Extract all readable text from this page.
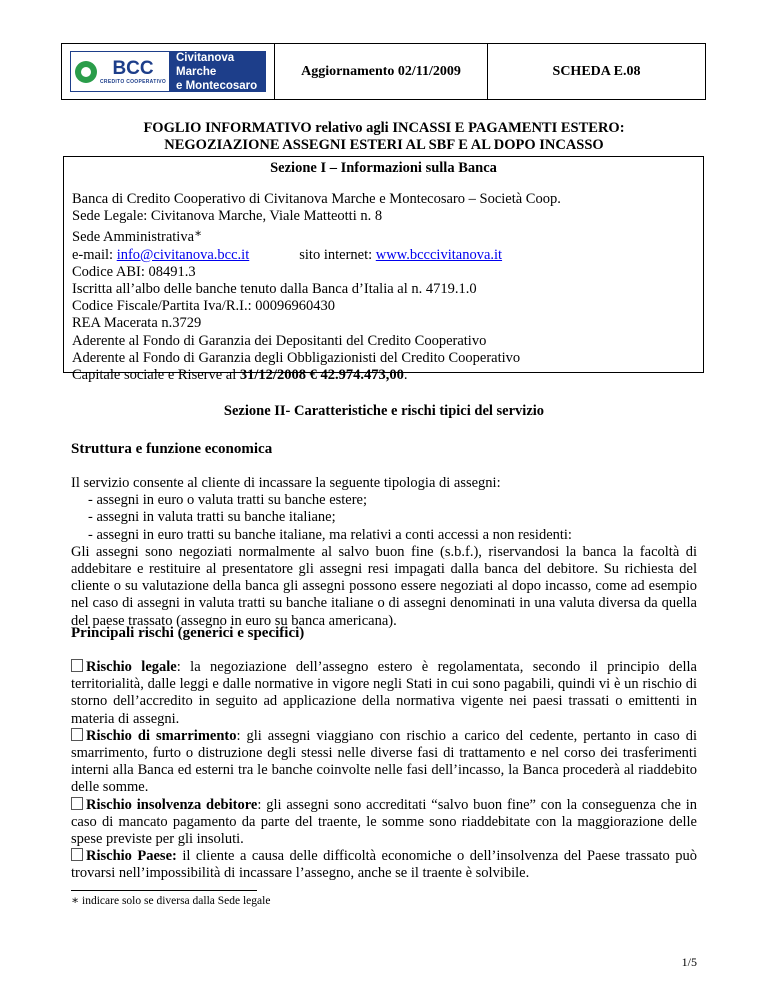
BCC
CREDITO COOPERATIVO
Civitanova Marche
e Montecosaro
	Aggiornamento 02/11/2009	SCHEDA E.08
FOGLIO INFORMATIVO relativo agli INCASSI E PAGAMENTI ESTERO:
NEGOZIAZIONE ASSEGNI ESTERI AL SBF E AL DOPO INCASSO
Sezione I – Informazioni sulla Banca
Banca di Credito Cooperativo di Civitanova Marche e Montecosaro – Società Coop.
Sede Legale: Civitanova Marche, Viale Matteotti n. 8
Sede Amministrativa∗
e-mail: info@civitanova.bcc.it	sito internet: www.bcccivitanova.it
Codice ABI: 08491.3
Iscritta all’albo delle banche tenuto dalla Banca d’Italia al n. 4719.1.0
Codice Fiscale/Partita Iva/R.I.: 00096960430
REA Macerata n.3729
Aderente al Fondo di Garanzia dei Depositanti del Credito Cooperativo
Aderente al Fondo di Garanzia degli Obbligazionisti del Credito Cooperativo
Capitale sociale e Riserve al 31/12/2008 € 42.974.473,00.
Sezione II- Caratteristiche e rischi tipici del servizio
Struttura e funzione economica
Il servizio consente al cliente di incassare la seguente tipologia di assegni:
- assegni in euro o valuta tratti su banche estere;
- assegni in valuta tratti su banche italiane;
- assegni in euro tratti su banche italiane, ma relativi a conti accessi a non residenti:
Gli assegni sono negoziati normalmente al salvo buon fine (s.b.f.), riservandosi la banca la facoltà di addebitare e restituire al presentatore gli assegni resi impagati dalla banca del debitore. Su richiesta del cliente o su valutazione della banca gli assegni possono essere negoziati al dopo incasso, come ad esempio nel caso di assegni in valuta tratti su banche italiane o di assegni denominati in una valuta diversa da quella del paese trassato (assegno in euro su banca americana).
Principali rischi (generici e specifici)
Rischio legale: la negoziazione dell’assegno estero è regolamentata, secondo il principio della territorialità, dalle leggi e dalle normative in vigore negli Stati in cui sono pagabili, quindi vi è un rischio di storno dell’accredito in seguito ad applicazione della normativa vigente nei paesi trassati o emittenti in materia di assegni.
Rischio di smarrimento: gli assegni viaggiano con rischio a carico del cedente, pertanto in caso di smarrimento, furto o distruzione degli stessi nelle diverse fasi di trattamento e nel corso dei trasferimenti interni alla Banca ed esterni tra le banche coinvolte nelle fasi dell’incasso, la Banca procederà al riaddebito delle somme.
Rischio insolvenza debitore: gli assegni sono accreditati “salvo buon fine” con la conseguenza che in caso di mancato pagamento da parte del traente, le somme sono riaddebitate con la maggiorazione delle spese previste per gli insoluti.
Rischio Paese: il cliente a causa delle difficoltà economiche o dell’insolvenza del Paese trassato può trovarsi nell’impossibilità di incassare l’assegno, anche se il traente è solvibile.
∗ indicare solo se diversa dalla Sede legale
1/5
